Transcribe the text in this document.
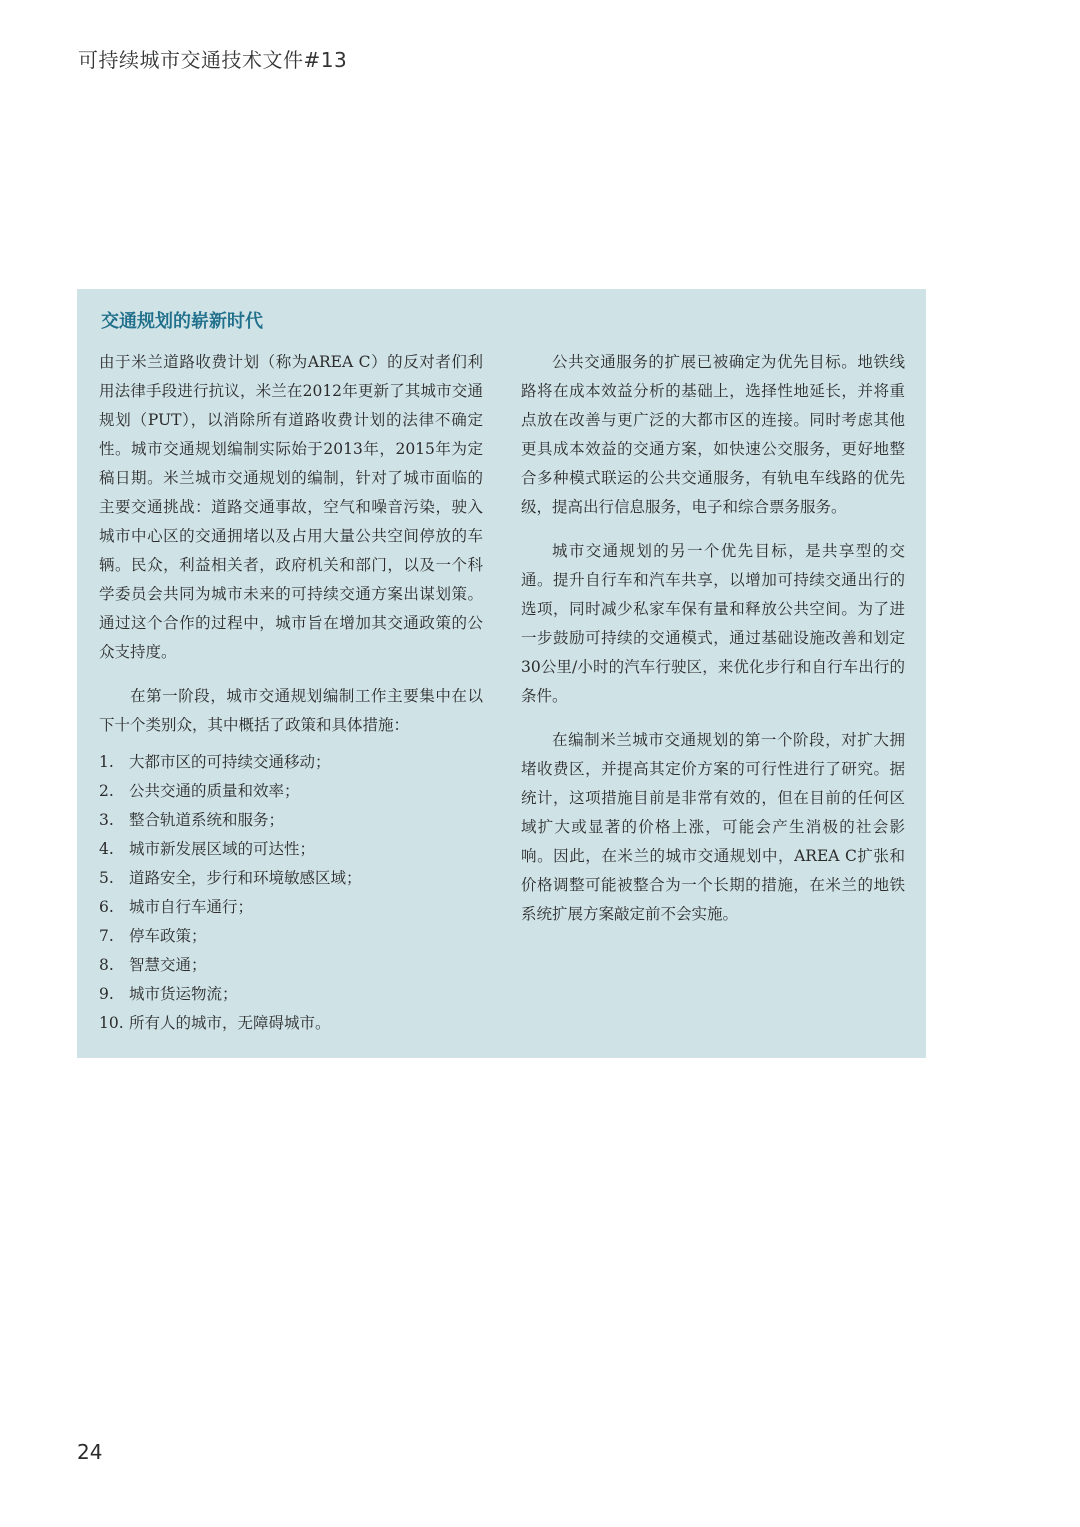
可持续城市交通技术文件#13
交通规划的崭新时代

由于米兰道路收费计划（称为AREA C）的反对者们利用法律手段进行抗议，米兰在2012年更新了其城市交通规划（PUT），以消除所有道路收费计划的法律不确定性。城市交通规划编制实际始于2013年，2015年为定稿日期。米兰城市交通规划的编制，针对了城市面临的主要交通挑战：道路交通事故，空气和噪音污染，驶入城市中心区的交通拥堵以及占用大量公共空间停放的车辆。民众，利益相关者，政府机关和部门，以及一个科学委员会共同为城市未来的可持续交通方案出谋划策。通过这个合作的过程中，城市旨在增加其交通政策的公众支持度。

在第一阶段，城市交通规划编制工作主要集中在以下十个类别众，其中概括了政策和具体措施：

1. 大都市区的可持续交通移动；
2. 公共交通的质量和效率；
3. 整合轨道系统和服务；
4. 城市新发展区域的可达性；
5. 道路安全，步行和环境敏感区域；
6. 城市自行车通行；
7. 停车政策；
8. 智慧交通；
9. 城市货运物流；
10. 所有人的城市，无障碍城市。

公共交通服务的扩展已被确定为优先目标。地铁线路将在成本效益分析的基础上，选择性地延长，并将重点放在改善与更广泛的大都市区的连接。同时考虑其他更具成本效益的交通方案，如快速公交服务，更好地整合多种模式联运的公共交通服务，有轨电车线路的优先级，提高出行信息服务，电子和综合票务服务。

城市交通规划的另一个优先目标，是共享型的交通。提升自行车和汽车共享，以增加可持续交通出行的选项，同时减少私家车保有量和释放公共空间。为了进一步鼓励可持续的交通模式，通过基础设施改善和划定30公里/小时的汽车行驶区，来优化步行和自行车出行的条件。

在编制米兰城市交通规划的第一个阶段，对扩大拥堵收费区，并提高其定价方案的可行性进行了研究。据统计，这项措施目前是非常有效的，但在目前的任何区域扩大或显著的价格上涨，可能会产生消极的社会影响。因此，在米兰的城市交通规划中，AREA C扩张和价格调整可能被整合为一个长期的措施，在米兰的地铁系统扩展方案敲定前不会实施。

24
